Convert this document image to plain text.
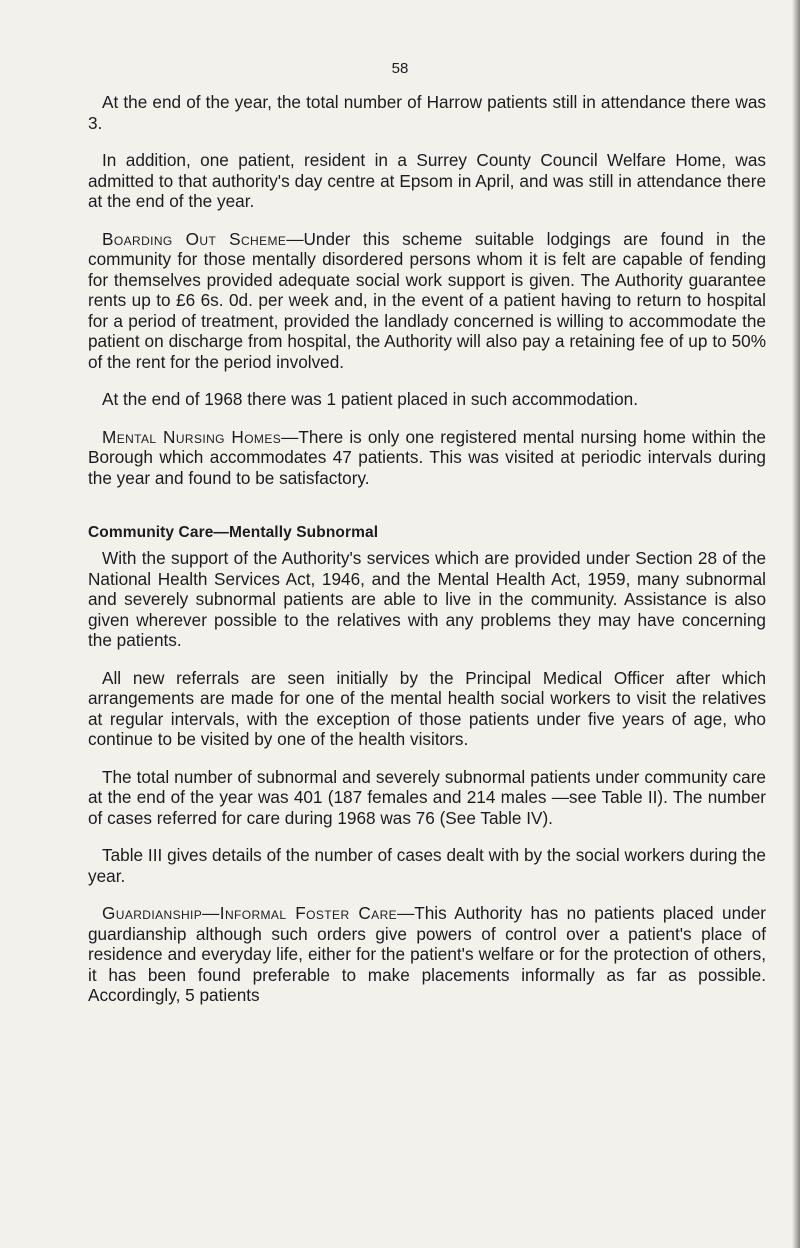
58

At the end of the year, the total number of Harrow patients still in attendance there was 3.

In addition, one patient, resident in a Surrey County Council Welfare Home, was admitted to that authority's day centre at Epsom in April, and was still in attendance there at the end of the year.

Boarding Out Scheme—Under this scheme suitable lodgings are found in the community for those mentally disordered persons whom it is felt are capable of fending for themselves provided adequate social work support is given. The Authority guarantee rents up to £6 6s. 0d. per week and, in the event of a patient having to return to hospital for a period of treatment, provided the landlady concerned is willing to accommodate the patient on discharge from hospital, the Authority will also pay a retaining fee of up to 50% of the rent for the period involved.

At the end of 1968 there was 1 patient placed in such accommodation.

Mental Nursing Homes—There is only one registered mental nursing home within the Borough which accommodates 47 patients. This was visited at periodic intervals during the year and found to be satisfactory.

Community Care—Mentally Subnormal

With the support of the Authority's services which are provided under Section 28 of the National Health Services Act, 1946, and the Mental Health Act, 1959, many subnormal and severely subnormal patients are able to live in the community. Assistance is also given wherever possible to the relatives with any problems they may have concerning the patients.

All new referrals are seen initially by the Principal Medical Officer after which arrangements are made for one of the mental health social workers to visit the relatives at regular intervals, with the exception of those patients under five years of age, who continue to be visited by one of the health visitors.

The total number of subnormal and severely subnormal patients under community care at the end of the year was 401 (187 females and 214 males —see Table II). The number of cases referred for care during 1968 was 76 (See Table IV).

Table III gives details of the number of cases dealt with by the social workers during the year.

Guardianship—Informal Foster Care—This Authority has no patients placed under guardianship although such orders give powers of control over a patient's place of residence and everyday life, either for the patient's welfare or for the protection of others, it has been found preferable to make placements informally as far as possible. Accordingly, 5 patients
